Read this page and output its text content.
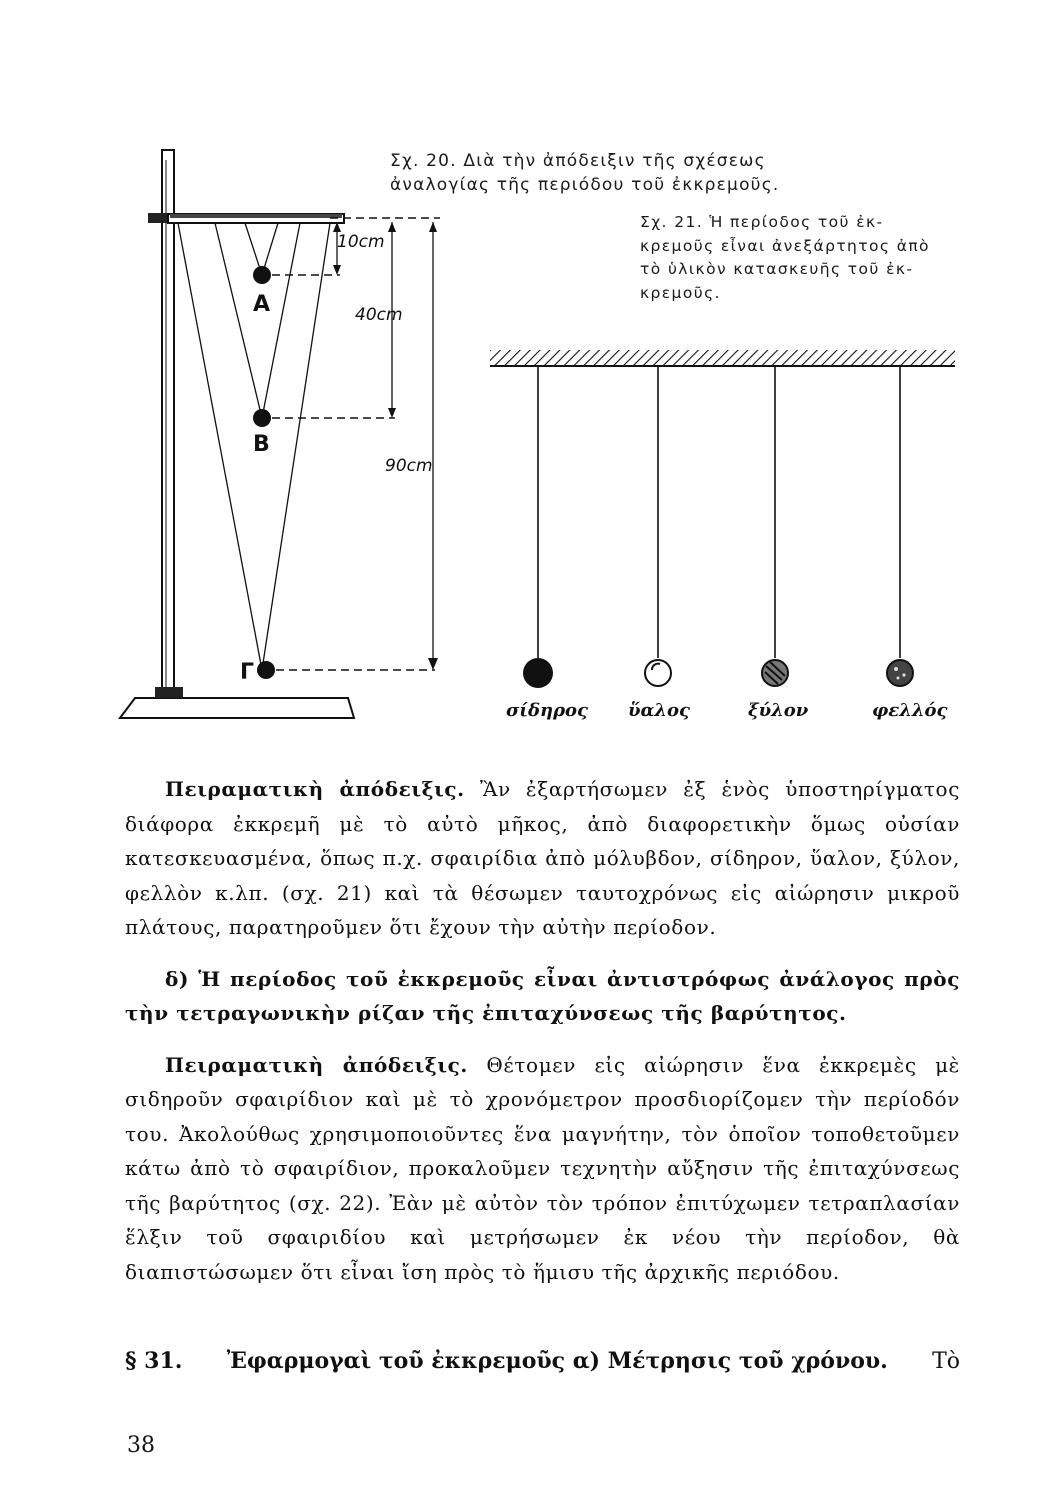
Σχ. 20. Διὰ τὴν ἀπόδειξιν τῆς σχέσεως
ἀναλογίας τῆς περιόδου τοῦ ἐκκρεμοῦς.
Σχ. 21. Ἡ περίοδος τοῦ ἐκ-
κρεμοῦς εἶναι ἀνεξάρτητος ἀπὸ
τὸ ὑλικὸν κατασκευῆς τοῦ ἐκ-
κρεμοῦς.
10cm
40cm
90cm
A
B
Γ
σίδηρος ὕαλος	ξύλον	φελλός

Πειραματικὴ ἀπόδειξις. Ἂν ἐξαρτήσωμεν ἐξ ἑνὸς ὑποστηρίγματος διάφορα ἐκκρεμῆ μὲ τὸ αὐτὸ μῆκος, ἀπὸ διαφορετικὴν ὅμως οὐσίαν κατεσκευασμένα, ὅπως π.χ. σφαιρίδια ἀπὸ μόλυβδον, σίδηρον, ὕαλον, ξύλον, φελλὸν κ.λπ. (σχ. 21) καὶ τὰ θέσωμεν ταυτοχρόνως εἰς αἰώρησιν μικροῦ πλάτους, παρατηροῦμεν ὅτι ἔχουν τὴν αὐτὴν περίοδον.

δ) Ἡ περίοδος τοῦ ἐκκρεμοῦς εἶναι ἀντιστρόφως ἀνάλογος πρὸς τὴν τετραγωνικὴν ρίζαν τῆς ἐπιταχύνσεως τῆς βαρύτητος.

Πειραματικὴ ἀπόδειξις. Θέτομεν εἰς αἰώρησιν ἕνα ἐκκρεμὲς μὲ σιδηροῦν σφαιρίδιον καὶ μὲ τὸ χρονόμετρον προσδιορίζομεν τὴν περίοδόν του. Ἀκολούθως χρησιμοποιοῦντες ἕνα μαγνήτην, τὸν ὁποῖον τοποθετοῦμεν κάτω ἀπὸ τὸ σφαιρίδιον, προκαλοῦμεν τεχνητὴν αὔξησιν τῆς ἐπιταχύνσεως τῆς βαρύτητος (σχ. 22). Ἐὰν μὲ αὐτὸν τὸν τρόπον ἐπιτύχωμεν τετραπλασίαν ἕλξιν τοῦ σφαιριδίου καὶ μετρήσωμεν ἐκ νέου τὴν περίοδον, θὰ διαπιστώσωμεν ὅτι εἶναι ἴση πρὸς τὸ ἥμισυ τῆς ἀρχικῆς περιόδου.

§ 31. Ἐφαρμογαὶ τοῦ ἐκκρεμοῦς α) Μέτρησις τοῦ χρόνου. Τὸ
38
